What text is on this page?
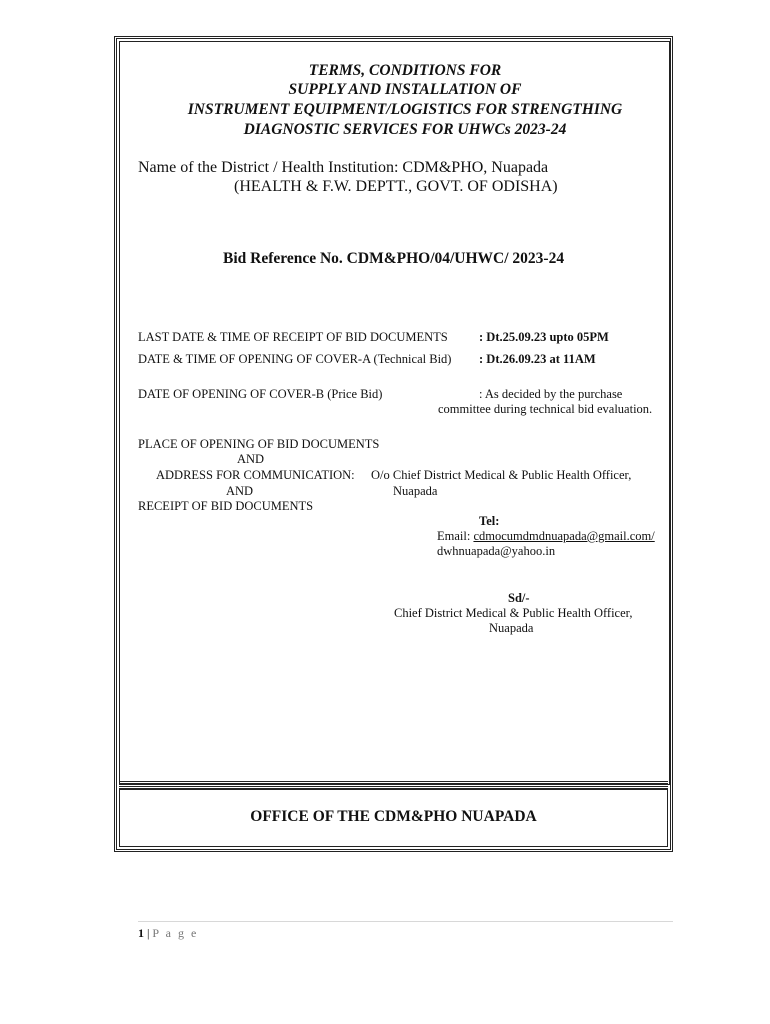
TERMS, CONDITIONS FOR
SUPPLY AND INSTALLATION OF
INSTRUMENT EQUIPMENT/LOGISTICS FOR STRENGTHING
DIAGNOSTIC SERVICES FOR UHWCs 2023-24
Name of the District / Health Institution: CDM&PHO, Nuapada
(HEALTH & F.W. DEPTT., GOVT. OF ODISHA)
Bid Reference No. CDM&PHO/04/UHWC/ 2023-24
LAST DATE & TIME OF RECEIPT OF BID DOCUMENTS	: Dt.25.09.23 upto 05PM
DATE & TIME OF OPENING OF COVER-A (Technical Bid) : Dt.26.09.23 at 11AM
DATE OF OPENING OF COVER-B (Price Bid)	: As decided by the purchase
committee during technical bid evaluation.
PLACE OF OPENING OF BID DOCUMENTS
AND
ADDRESS FOR COMMUNICATION: O/o Chief District Medical & Public Health Officer,
AND	Nuapada
RECEIPT OF BID DOCUMENTS
Tel:
Email: cdmocumdmdnuapada@gmail.com/
dwhnuapada@yahoo.in
Sd/-
Chief District Medical & Public Health Officer,
Nuapada
OFFICE OF THE CDM&PHO NUAPADA
1 | P a g e
